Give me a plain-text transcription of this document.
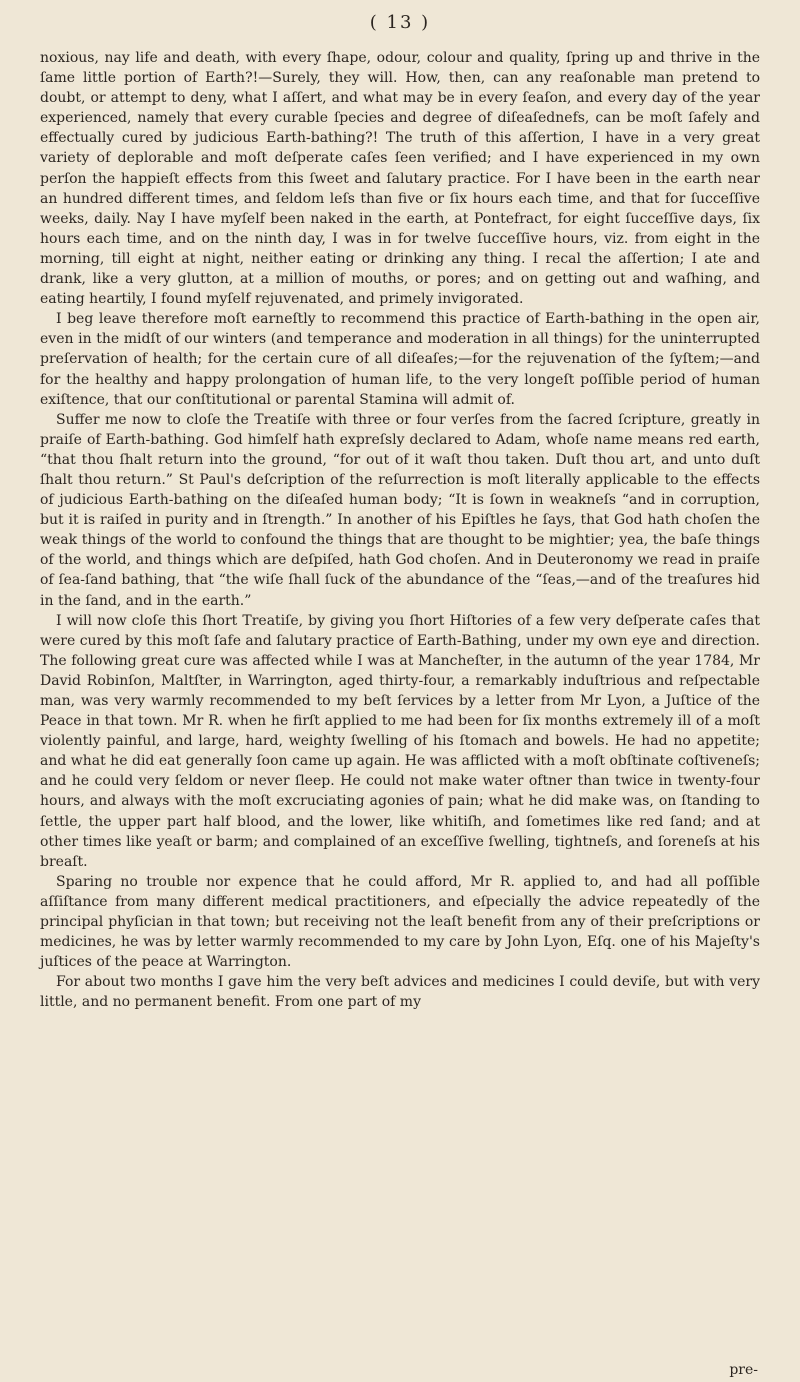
( 13 )

noxious, nay life and death, with every ſhape, odour, colour and quality, ſpring up and thrive in the ſame little portion of Earth?!—Surely, they will. How, then, can any reaſonable man pretend to doubt, or attempt to deny, what I aſſert, and what may be in every ſeaſon, and every day of the year experienced, namely that every curable ſpecies and degree of diſeaſednefs, can be moſt ſafely and effectually cured by judicious Earth-bathing?! The truth of this aſſertion, I have in a very great variety of deplorable and moſt deſperate caſes ſeen verified; and I have experienced in my own perſon the happieſt effects from this ſweet and ſalutary practice. For I have been in the earth near an hundred different times, and ſeldom leſs than five or ſix hours each time, and that for ſucceſſive weeks, daily. Nay I have myſelf been naked in the earth, at Pontefract, for eight ſucceſſive days, ſix hours each time, and on the ninth day, I was in for twelve ſucceſſive hours, viz. from eight in the morning, till eight at night, neither eating or drinking any thing. I recal the aſſertion; I ate and drank, like a very glutton, at a million of mouths, or pores; and on getting out and waſhing, and eating heartily, I found myſelf rejuvenated, and primely invigorated.

I beg leave therefore moſt earneſtly to recommend this practice of Earth-bathing in the open air, even in the midſt of our winters (and temperance and moderation in all things) for the uninterrupted preſervation of health; for the certain cure of all diſeaſes;—for the rejuvenation of the ſyſtem;—and for the healthy and happy prolongation of human life, to the very longeſt poſſible period of human exiſtence, that our conſtitutional or parental Stamina will admit of.

Suffer me now to cloſe the Treatiſe with three or four verſes from the ſacred ſcripture, greatly in praiſe of Earth-bathing. God himſelf hath expreſsly declared to Adam, whoſe name means red earth, “that thou ſhalt return into the ground, “for out of it waſt thou taken. Duſt thou art, and unto duſt ſhalt thou return.” St Paul's deſcription of the reſurrection is moſt literally applicable to the effects of judicious Earth-bathing on the diſeaſed human body; “It is ſown in weakneſs “and in corruption, but it is raiſed in purity and in ſtrength.” In another of his Epiſtles he ſays, that God hath choſen the weak things of the world to confound the things that are thought to be mightier; yea, the baſe things of the world, and things which are deſpiſed, hath God choſen. And in Deuteronomy we read in praiſe of ſea-ſand bathing, that “the wiſe ſhall ſuck of the abundance of the “ſeas,—and of the treaſures hid in the ſand, and in the earth.”

I will now cloſe this ſhort Treatiſe, by giving you ſhort Hiſtories of a few very deſperate caſes that were cured by this moſt ſafe and ſalutary practice of Earth-Bathing, under my own eye and direction. The following great cure was affected while I was at Mancheſter, in the autumn of the year 1784, Mr David Robinſon, Maltſter, in Warrington, aged thirty-four, a remarkably induſtrious and reſpectable man, was very warmly recommended to my beſt ſervices by a letter from Mr Lyon, a Juſtice of the Peace in that town. Mr R. when he firſt applied to me had been for ſix months extremely ill of a moſt violently painful, and large, hard, weighty ſwelling of his ſtomach and bowels. He had no appetite; and what he did eat generally ſoon came up again. He was afflicted with a moſt obſtinate coſtiveneſs; and he could very ſeldom or never ſleep. He could not make water oftner than twice in twenty-four hours, and always with the moſt excruciating agonies of pain; what he did make was, on ſtanding to ſettle, the upper part half blood, and the lower, like whitiſh, and ſometimes like red ſand; and at other times like yeaſt or barm; and complained of an exceſſive ſwelling, tightneſs, and ſoreneſs at his breaſt.

Sparing no trouble nor expence that he could afford, Mr R. applied to, and had all poſſible aſſiſtance from many different medical practitioners, and eſpecially the advice repeatedly of the principal phyſician in that town; but receiving not the leaſt benefit from any of their preſcriptions or medicines, he was by letter warmly recommended to my care by John Lyon, Eſq. one of his Majeſty's juſtices of the peace at Warrington.

For about two months I gave him the very beſt advices and medicines I could deviſe, but with very little, and no permanent benefit. From one part of my

pre-
